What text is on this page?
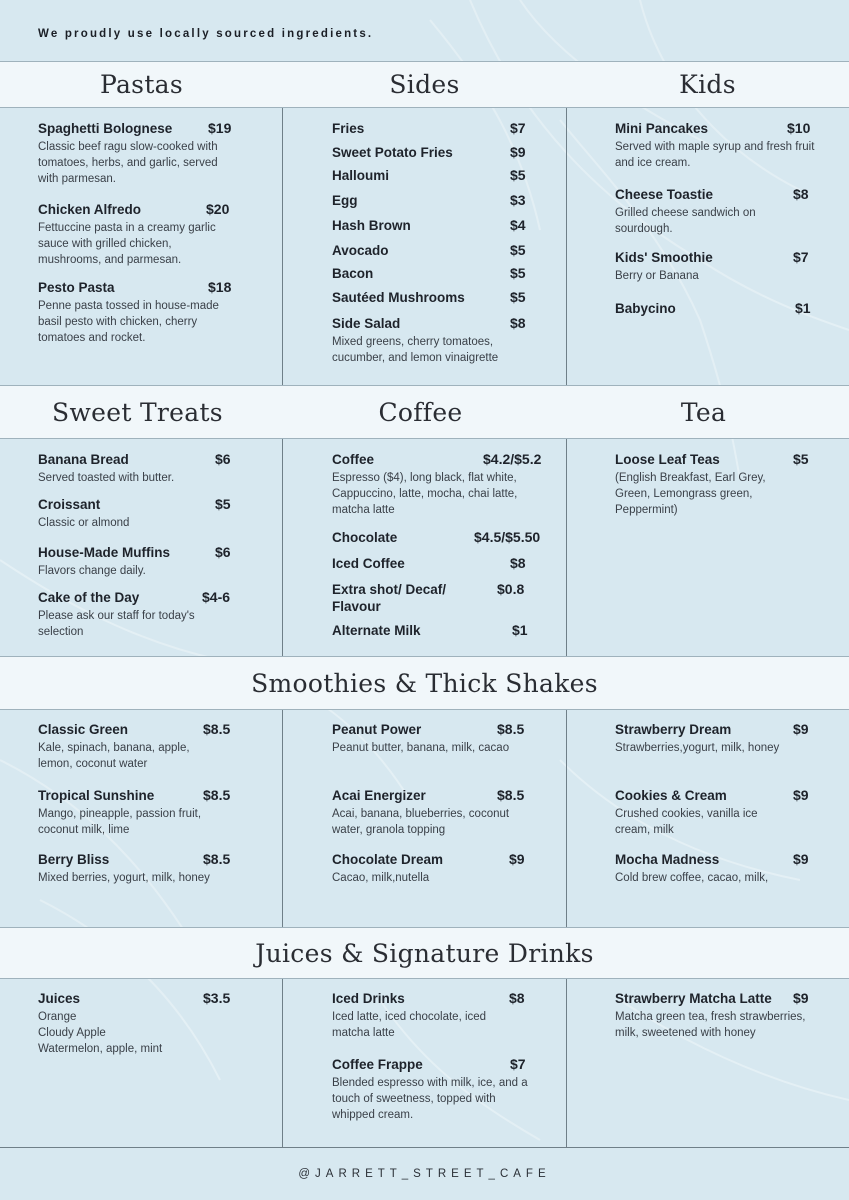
We proudly use locally sourced ingredients.
Pastas	Sides	Kids
Spaghetti Bolognese	$19
Classic beef ragu slow-cooked with tomatoes, herbs, and garlic, served with parmesan.
Chicken Alfredo	$20
Fettuccine pasta in a creamy garlic sauce with grilled chicken, mushrooms, and parmesan.
Pesto Pasta	$18
Penne pasta tossed in house-made basil pesto with chicken, cherry tomatoes and rocket.
Fries	$7
Sweet Potato Fries	$9
Halloumi	$5
Egg	$3
Hash Brown	$4
Avocado	$5
Bacon	$5
Sautéed Mushrooms	$5
Side Salad	$8
Mixed greens, cherry tomatoes, cucumber, and lemon vinaigrette
Mini Pancakes	$10
Served with maple syrup and fresh fruit and ice cream.
Cheese Toastie	$8
Grilled cheese sandwich on sourdough.
Kids' Smoothie	$7
Berry or Banana
Babycino	$1
Sweet Treats	Coffee	Tea
Banana Bread	$6
Served toasted with butter.
Croissant	$5
Classic or almond
House-Made Muffins	$6
Flavors change daily.
Cake of the Day	$4-6
Please ask our staff for today's selection
Coffee	$4.2/$5.2
Espresso ($4), long black, flat white, Cappuccino, latte, mocha, chai latte, matcha latte
Chocolate	$4.5/$5.50
Iced Coffee	$8
Extra shot/ Decaf/ Flavour
$0.8
Alternate Milk	$1
Loose Leaf Teas	$5
(English Breakfast, Earl Grey, Green, Lemongrass green, Peppermint)
Smoothies & Thick Shakes
Classic Green	$8.5
Kale, spinach, banana, apple, lemon, coconut water
Tropical Sunshine	$8.5
Mango, pineapple, passion fruit, coconut milk, lime
Berry Bliss	$8.5
Mixed berries, yogurt, milk, honey
Peanut Power	$8.5
Peanut butter, banana, milk, cacao
Acai Energizer	$8.5
Acai, banana, blueberries, coconut water, granola topping
Chocolate Dream	$9
Cacao, milk,nutella
Strawberry Dream	$9
Strawberries,yogurt, milk, honey
Cookies & Cream	$9
Crushed cookies, vanilla ice cream, milk
Mocha Madness	$9
Cold brew coffee, cacao, milk,
Juices & Signature Drinks
Juices	$3.5
Orange
Cloudy Apple
Watermelon, apple, mint
Iced Drinks	$8
Iced latte, iced chocolate, iced matcha latte
Coffee Frappe	$7
Blended espresso with milk, ice, and a touch of sweetness, topped with whipped cream.
Strawberry Matcha Latte	$9
Matcha green tea, fresh strawberries, milk, sweetened with honey
@JARRETT_STREET_CAFE
